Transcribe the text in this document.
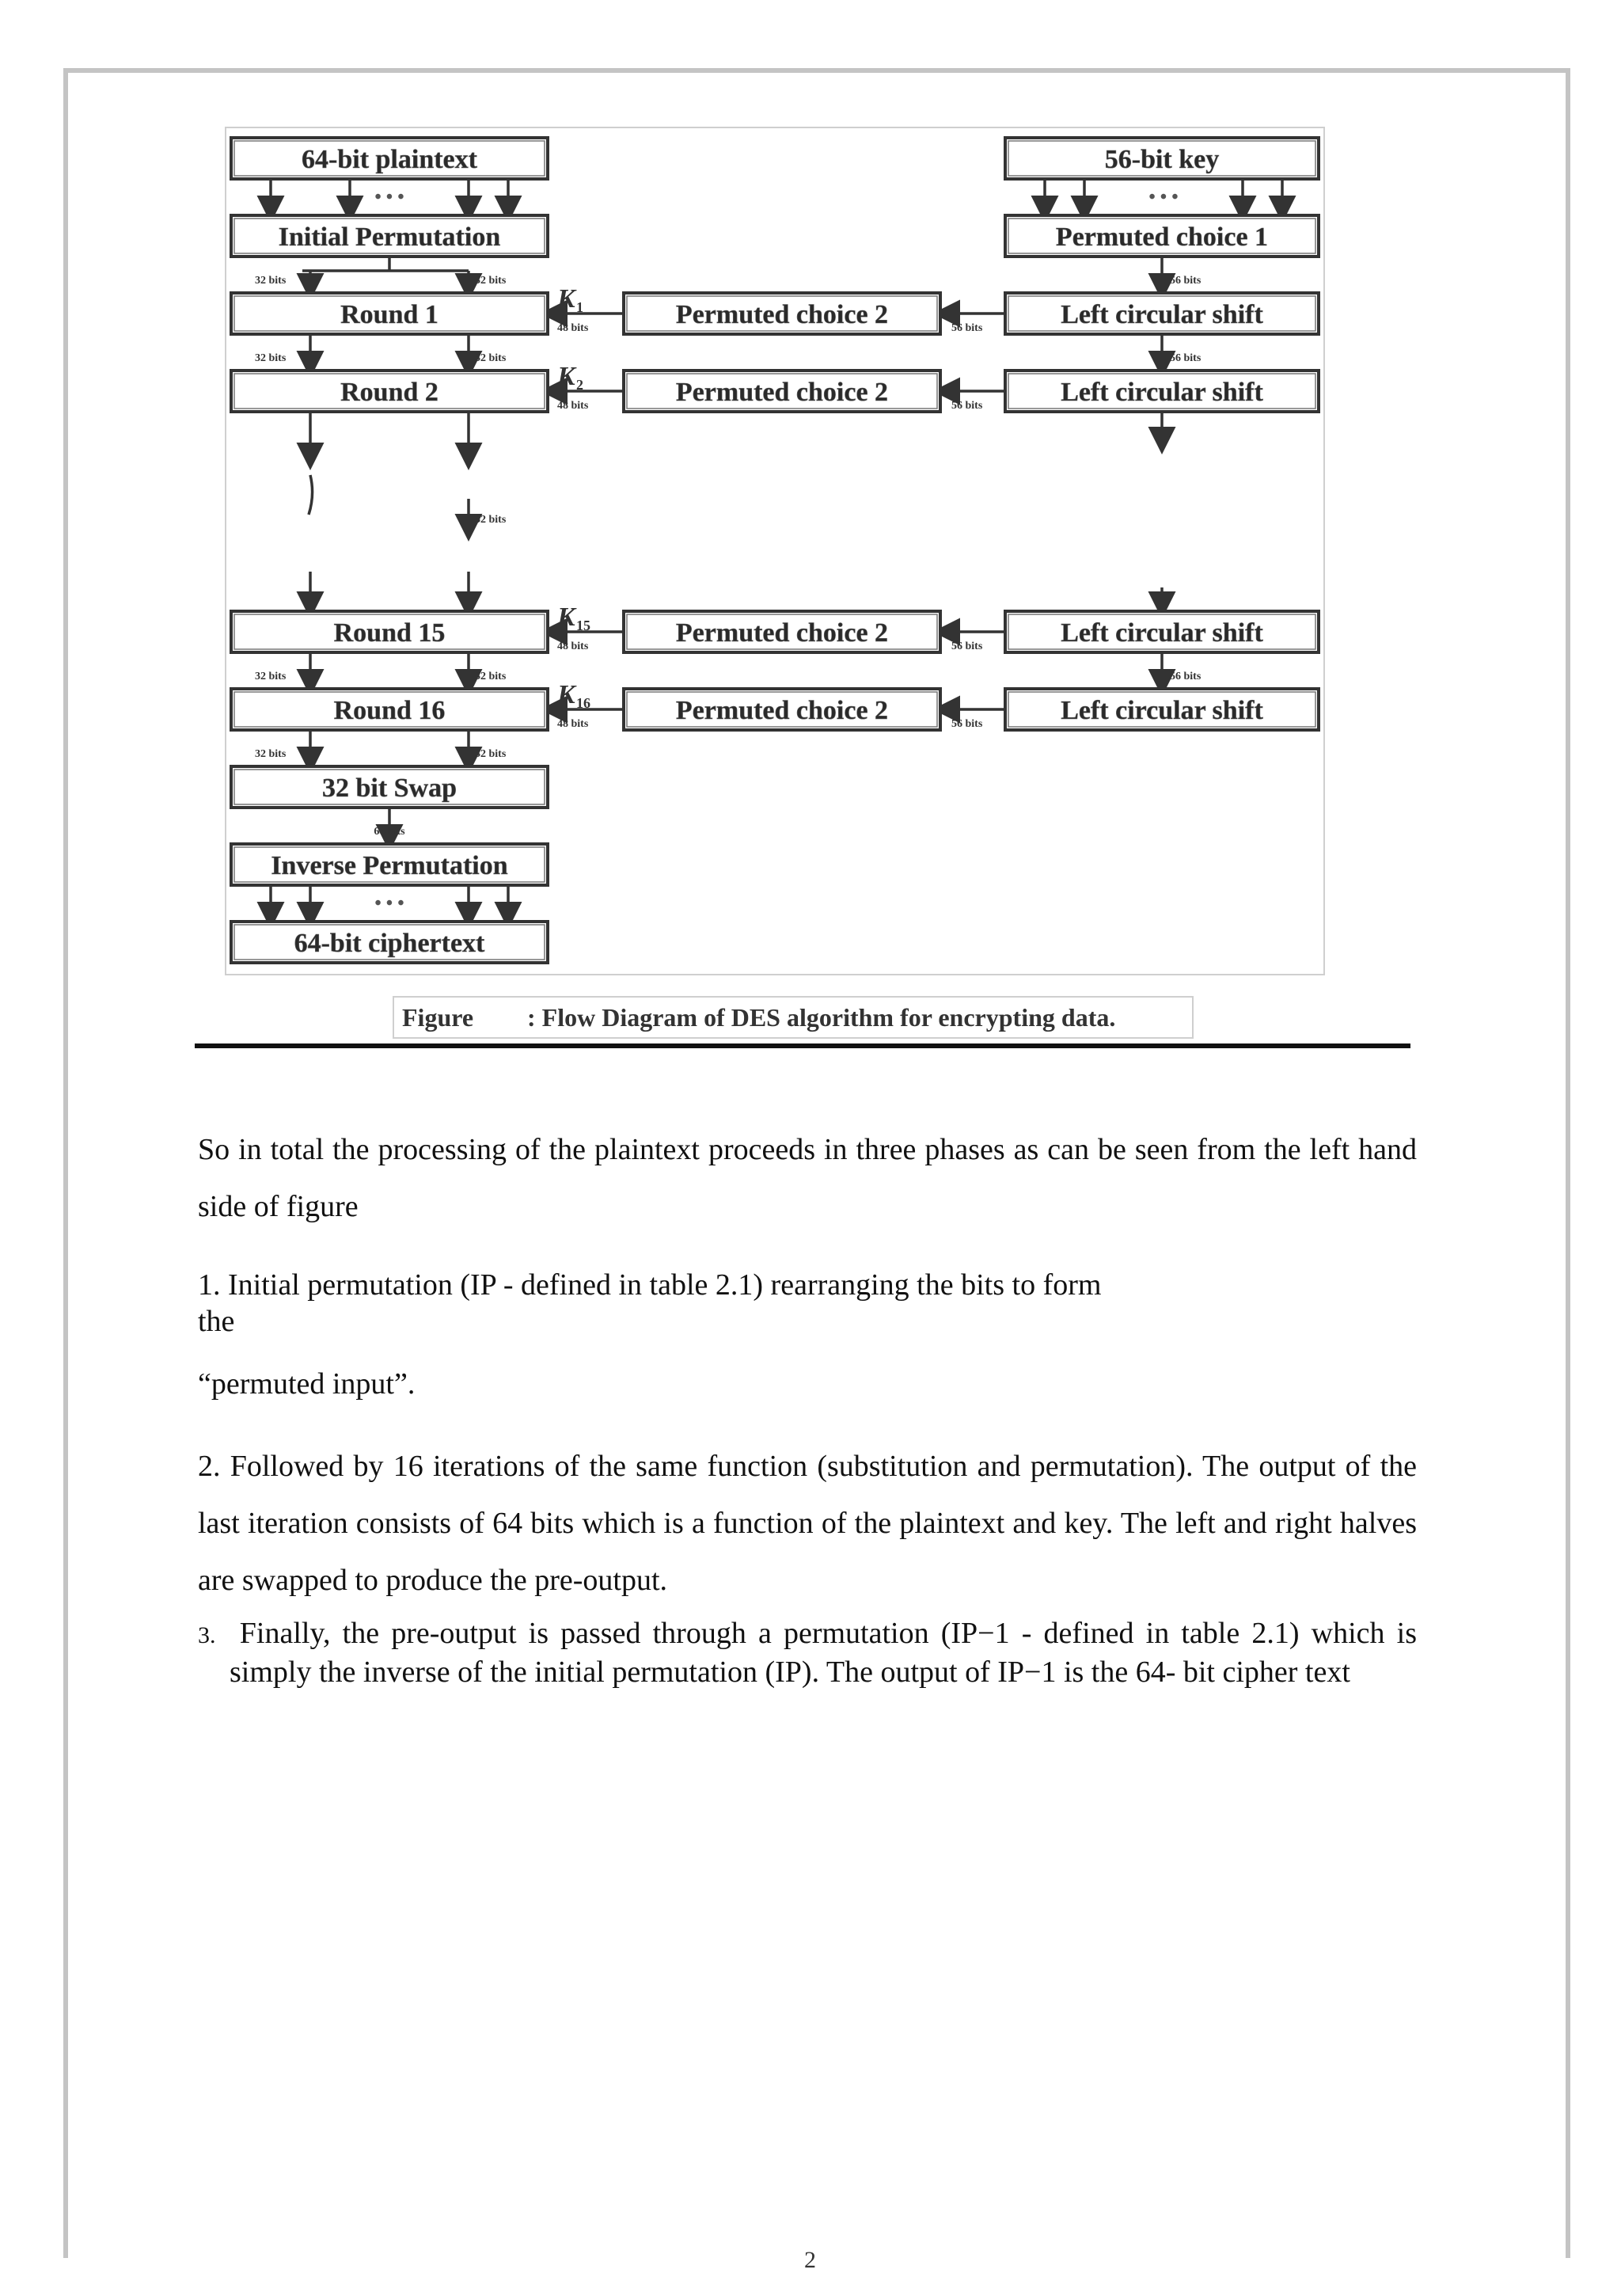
64-bit plaintext
Initial Permutation
Round 1
Round 2
Round 15
Round 16
32 bit Swap
Inverse Permutation
64-bit ciphertext
56-bit key
Permuted choice 1
Left circular shift
Left circular shift
Left circular shift
Left circular shift
Permuted choice 2
Permuted choice 2
Permuted choice 2
Permuted choice 2
• • •	• • •
• • •
32 bits	32 bits
32 bits	32 bits
32 bits
32 bits	32 bits
32 bits	32 bits
64 bits
56 bits
56 bits
56 bits
56 bits
48 bits
K 1
56 bits
48 bits
K 2
56 bits
48 bits
K 15
56 bits
48 bits
K 16
Figure : Flow Diagram of DES algorithm for encrypting data.

So in total the processing of the plaintext proceeds in three phases as can be seen from the left hand side of figure

1. Initial permutation (IP - defined in table 2.1) rearranging the bits to form
the

“permuted input”.

2. Followed by 16 iterations of the same function (substitution and permutation). The output of the last iteration consists of 64 bits which is a function of the plaintext and key. The left and right halves are swapped to produce the pre-output.

3. Finally, the pre-output is passed through a permutation (IP−1 - defined in table 2.1) which is simply the inverse of the initial permutation (IP). The output of IP−1 is the 64- bit cipher text
2
